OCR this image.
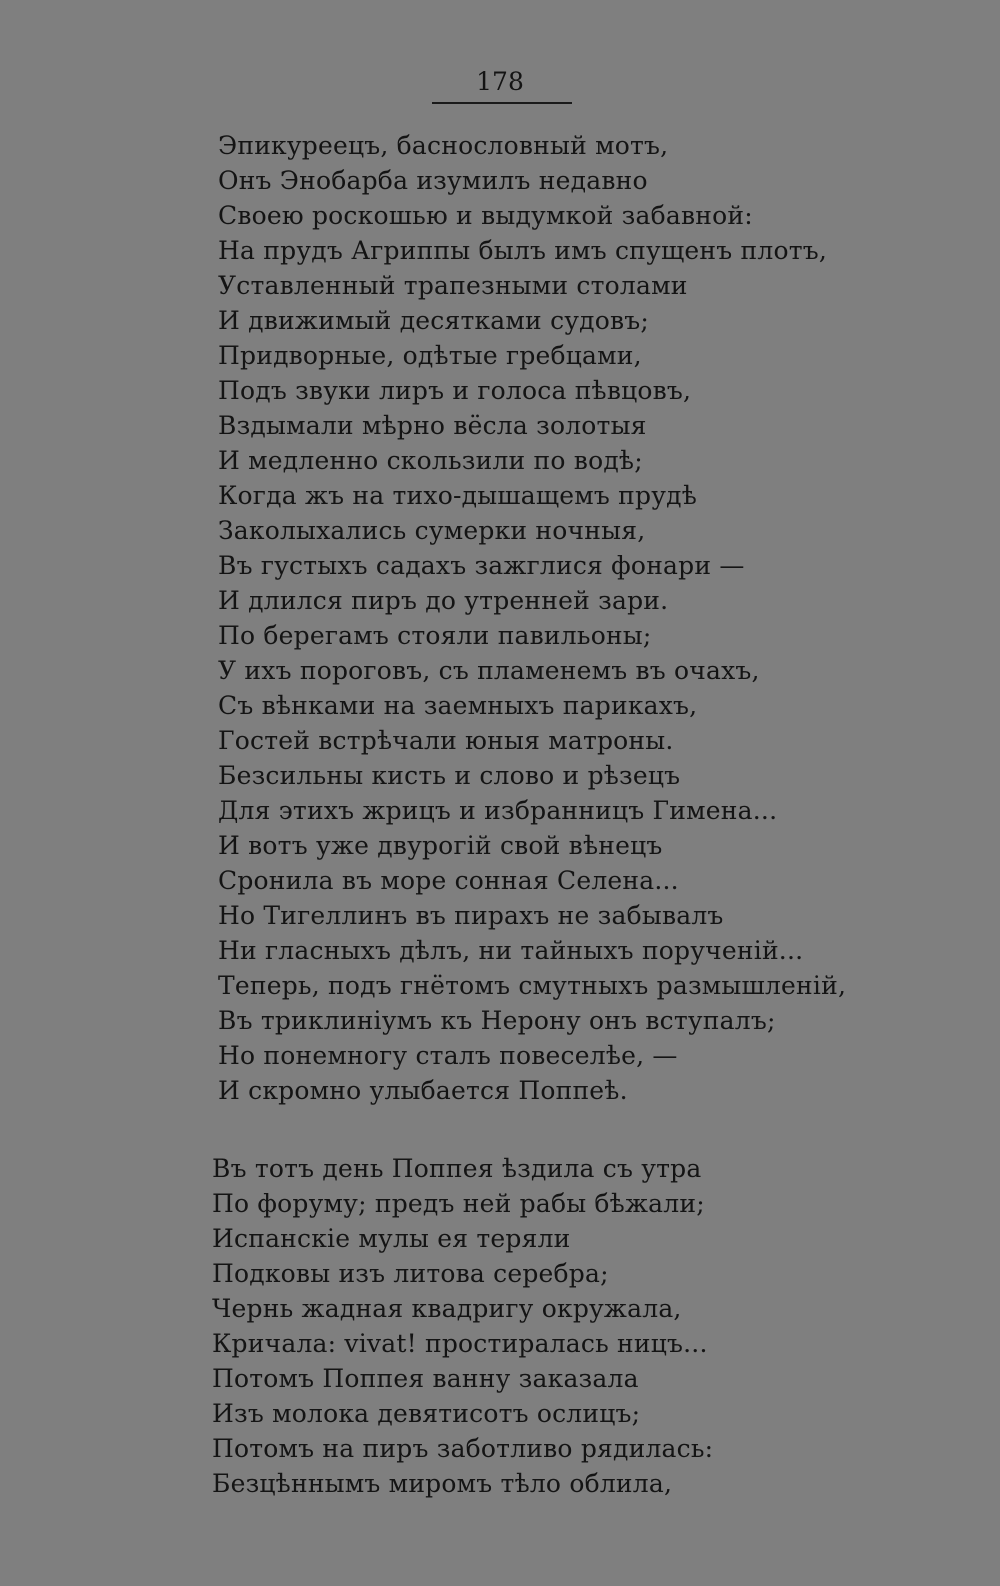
178
Эпикуреецъ, баснословный мотъ,
Онъ Энобарба изумилъ недавно
Своею роскошью и выдумкой забавной:
На прудъ Агриппы былъ имъ спущенъ плотъ,
Уставленный трапезными столами
И движимый десятками судовъ;
Придворные, одѣтые гребцами,
Подъ звуки лиръ и голоса пѣвцовъ,
Вздымали мѣрно вёсла золотыя
И медленно скользили по водѣ;
Когда жъ на тихо-дышащемъ прудѣ
Заколыхались сумерки ночныя,
Въ густыхъ садахъ зажглися фонари —
И длился пиръ до утренней зари.
По берегамъ стояли павильоны;
У ихъ пороговъ, съ пламенемъ въ очахъ,
Съ вѣнками на заемныхъ парикахъ,
Гостей встрѣчали юныя матроны.
Безсильны кисть и слово и рѣзецъ
Для этихъ жрицъ и избранницъ Гимена...
И вотъ уже двурогій свой вѣнецъ
Сронила въ море сонная Селена...
Но Тигеллинъ въ пирахъ не забывалъ
Ни гласныхъ дѣлъ, ни тайныхъ порученій...
Теперь, подъ гнётомъ смутныхъ размышленій,
Въ триклиніумъ къ Нерону онъ вступалъ;
Но понемногу сталъ повеселѣе, —
И скромно улыбается Поппеѣ.
Въ тотъ день Поппея ѣздила съ утра
По форуму; предъ ней рабы бѣжали;
Испанскіе мулы ея теряли
Подковы изъ литова серебра;
Чернь жадная квадригу окружала,
Кричала: vivat! простиралась ницъ...
Потомъ Поппея ванну заказала
Изъ молока девятисотъ ослицъ;
Потомъ на пиръ заботливо рядилась:
Безцѣннымъ миромъ тѣло облила,
